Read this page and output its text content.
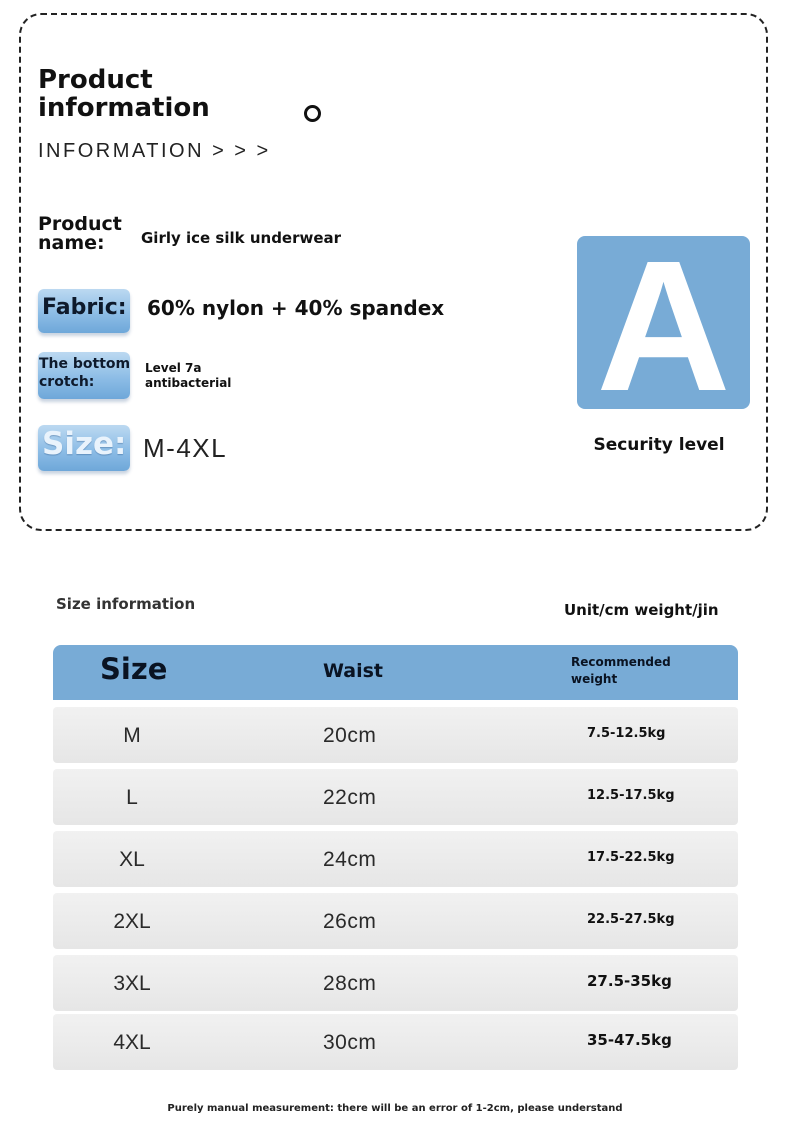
Product information
INFORMATION > > >
Product name:	Girly ice silk underwear
Fabric: 60% nylon + 40% spandex
The bottom crotch:
Level 7a antibacterial
Size: M-4XL
A
Security level
Size information	Unit/cm weight/jin
Size	Waist	Recommended weight
M	20cm	7.5-12.5kg
L	22cm	12.5-17.5kg
XL	24cm	17.5-22.5kg
2XL	26cm	22.5-27.5kg
3XL	28cm	27.5-35kg
4XL	30cm	35-47.5kg
Purely manual measurement: there will be an error of 1-2cm, please understand
